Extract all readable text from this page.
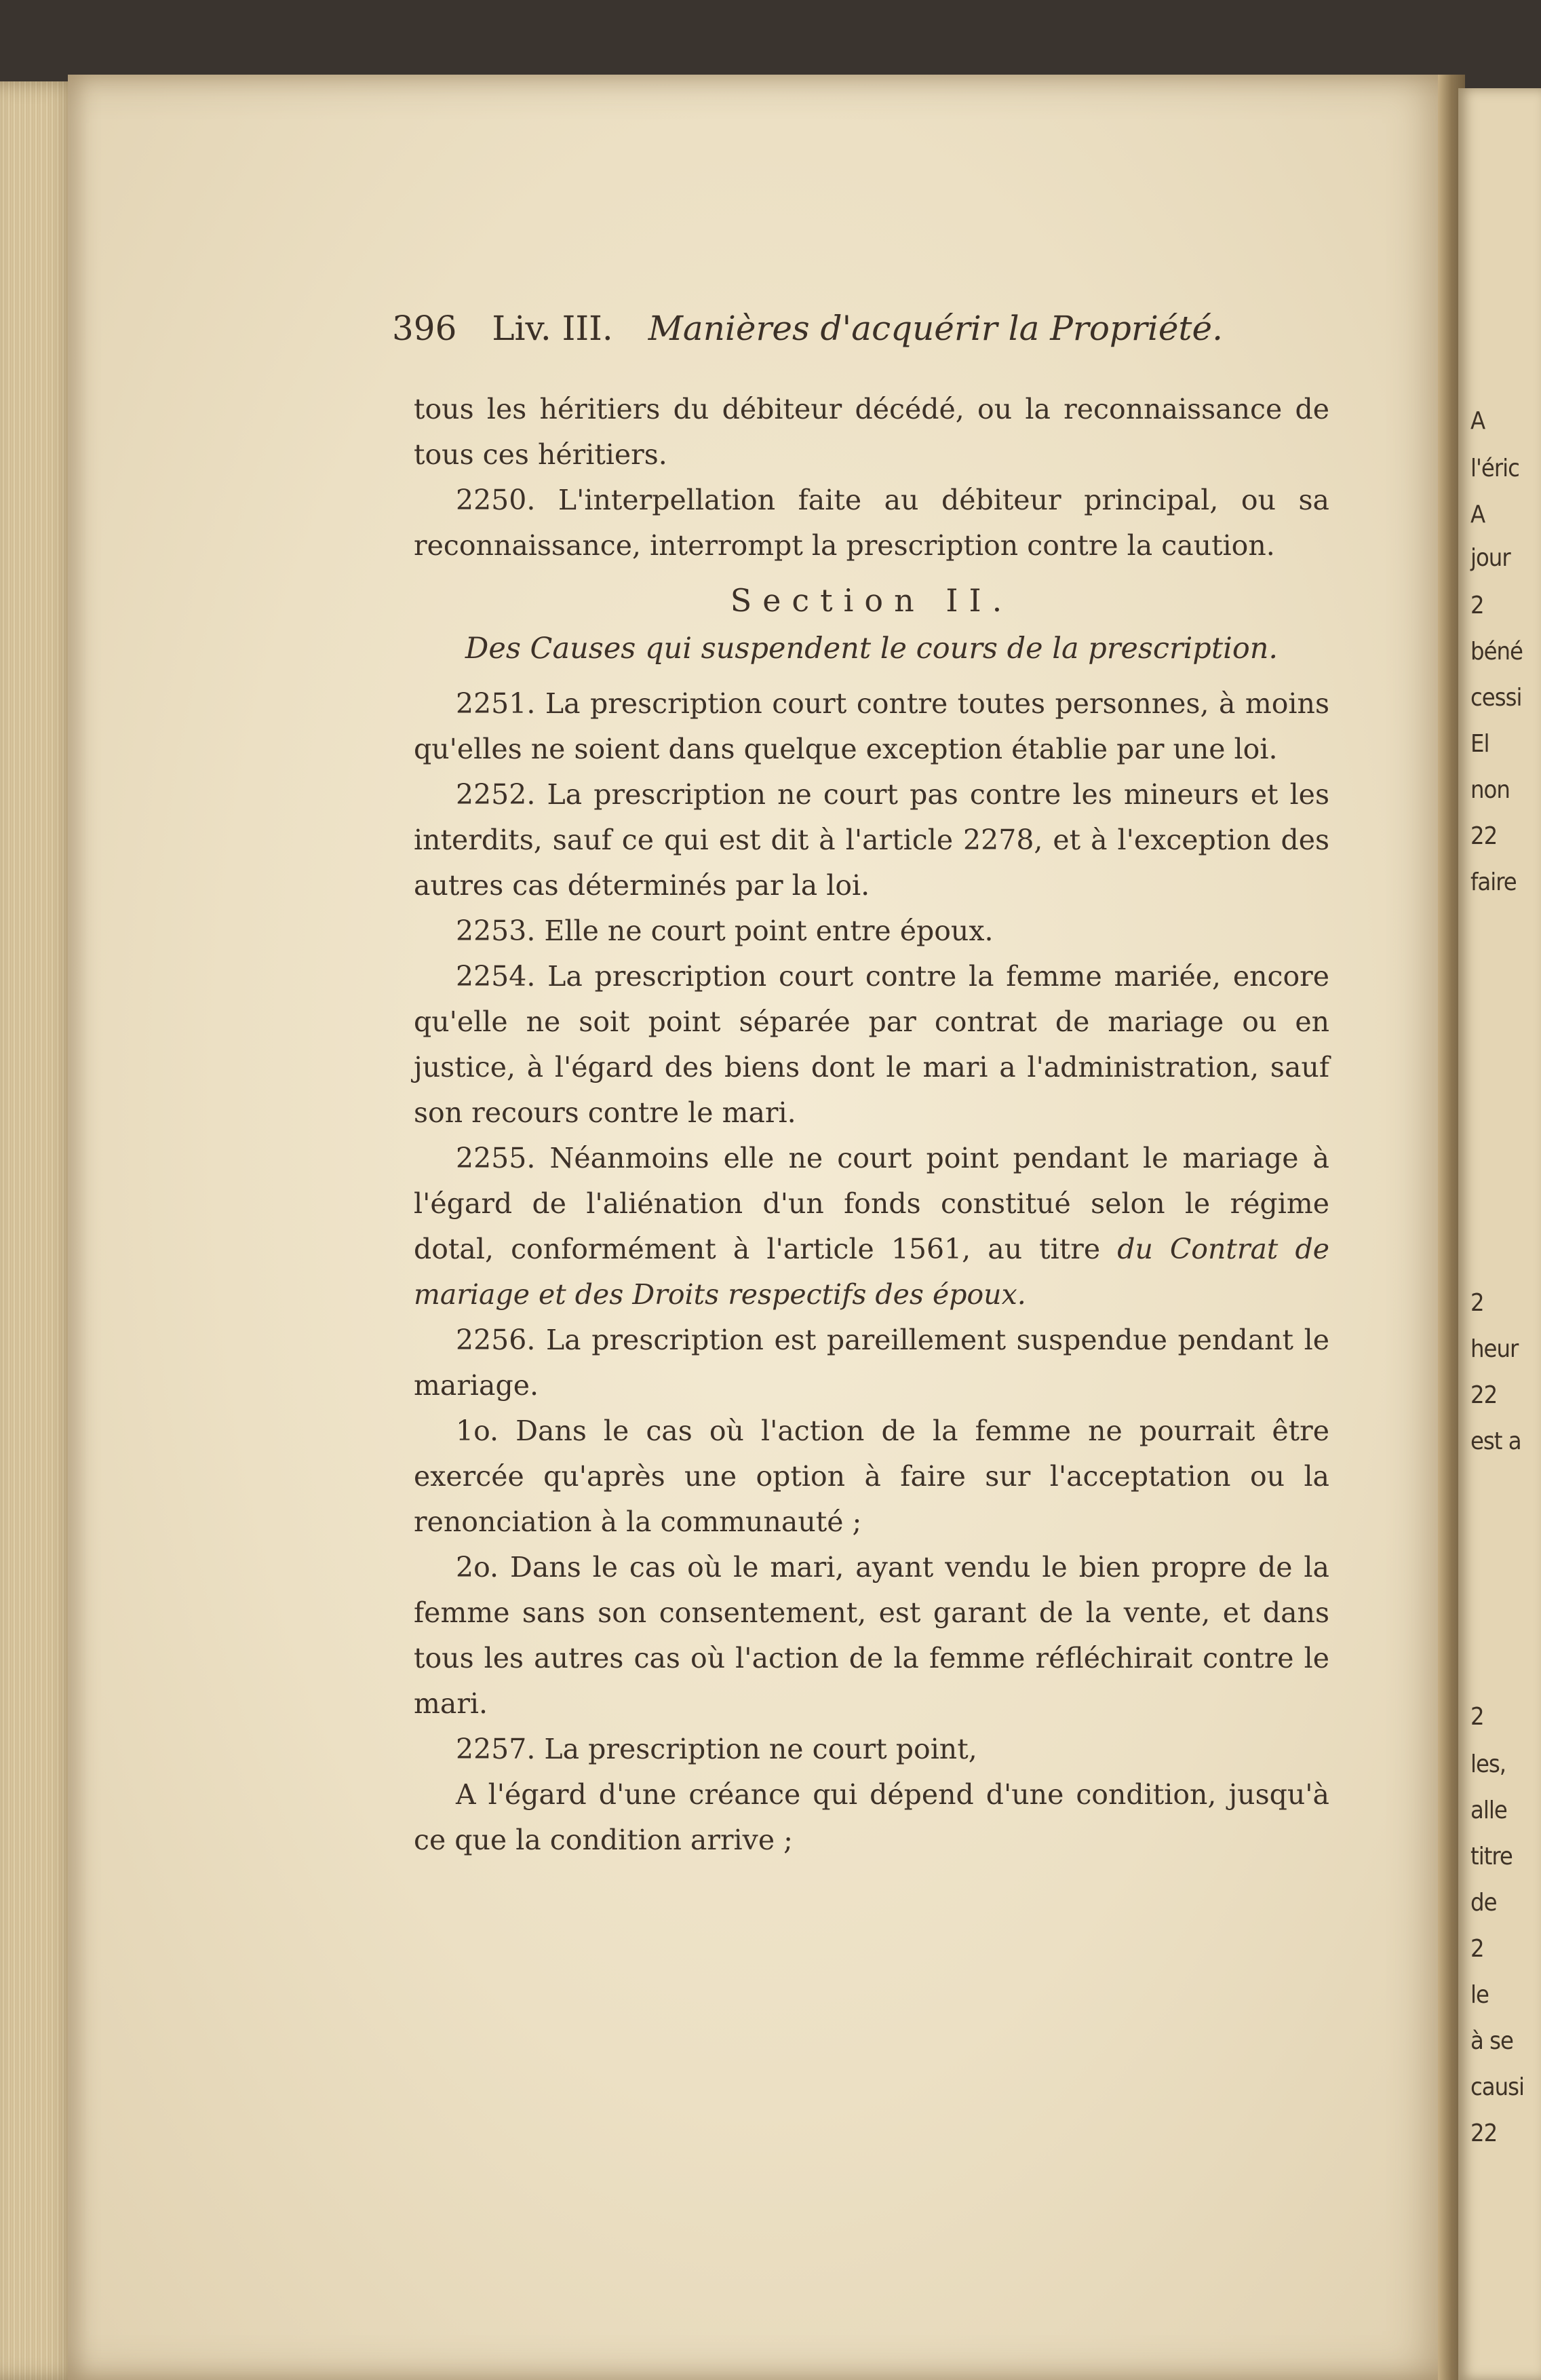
A
l'éric
A
jour
2
béné
cessi
El
non
22
faire
2
heur
22
est a
2
les,
alle
titre
de
2
le
à se
causi
22
396 Liv. III. Manières d'acquérir la Propriété.

tous les héritiers du débiteur décédé, ou la reconnaissance de tous ces héritiers.

2250. L'interpellation faite au débiteur principal, ou sa reconnaissance, interrompt la prescription contre la caution.

Section II.
Des Causes qui suspendent le cours de la prescription.

2251. La prescription court contre toutes personnes, à moins qu'elles ne soient dans quelque exception établie par une loi.

2252. La prescription ne court pas contre les mineurs et les interdits, sauf ce qui est dit à l'article 2278, et à l'exception des autres cas déterminés par la loi.

2253. Elle ne court point entre époux.

2254. La prescription court contre la femme mariée, encore qu'elle ne soit point séparée par contrat de mariage ou en justice, à l'égard des biens dont le mari a l'administration, sauf son recours contre le mari.

2255. Néanmoins elle ne court point pendant le mariage à l'égard de l'aliénation d'un fonds constitué selon le régime dotal, conformément à l'article 1561, au titre du Contrat de mariage et des Droits respectifs des époux.

2256. La prescription est pareillement suspendue pendant le mariage.

1o. Dans le cas où l'action de la femme ne pourrait être exercée qu'après une option à faire sur l'acceptation ou la renonciation à la communauté ;

2o. Dans le cas où le mari, ayant vendu le bien propre de la femme sans son consentement, est garant de la vente, et dans tous les autres cas où l'action de la femme réfléchirait contre le mari.

2257. La prescription ne court point,

A l'égard d'une créance qui dépend d'une condition, jusqu'à ce que la condition arrive ;
